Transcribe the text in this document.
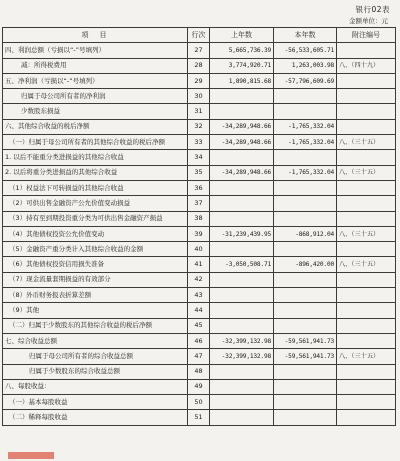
银行02表
金额单位：元
项　目	行次	上年数	本年数	附注编号
四、利润总额（亏损以“-”号填列）	27	5,665,736.39	-56,533,605.71	
减：所得税费用	28	3,774,920.71	1,263,003.98	八、（四十九）
五、净利润（亏损以“-”号填列）	29	1,890,815.68	-57,796,609.69	
归属于母公司所有者的净利润	30			
少数股东损益	31			
六、其他综合收益的税后净额	32	-34,289,948.66	-1,765,332.04	
（一）归属于母公司所有者的其他综合收益的税后净额	33	-34,289,948.66	-1,765,332.04	八、（三十五）
1. 以后不能重分类进损益的其他综合收益	34			
2. 以后将重分类进损益的其他综合收益	35	-34,289,948.66	-1,765,332.04	八、（三十五）
（1）权益法下可转损益的其他综合收益	36			
（2）可供出售金融资产公允价值变动损益	37			
（3）持有至到期投资重分类为可供出售金融资产损益	38			
（4）其他债权投资公允价值变动	39	-31,239,439.95	-868,912.04	八、（三十五）
（5）金融资产重分类计入其他综合收益的金额	40			
（6）其他债权投资信用损失准备	41	-3,050,508.71	-896,420.00	八、（三十五）
（7）现金流量套期损益的有效部分	42			
（8）外币财务报表折算差额	43			
（9）其他	44			
（二）归属于少数股东的其他综合收益的税后净额	45			
七、综合收益总额	46	-32,399,132.98	-59,561,941.73	
归属于母公司所有者的综合收益总额	47	-32,399,132.98	-59,561,941.73	八、（三十五）
归属于少数股东的综合收益总额	48			
八、每股收益：	49			
（一）基本每股收益	50			
（二）稀释每股收益	51			
